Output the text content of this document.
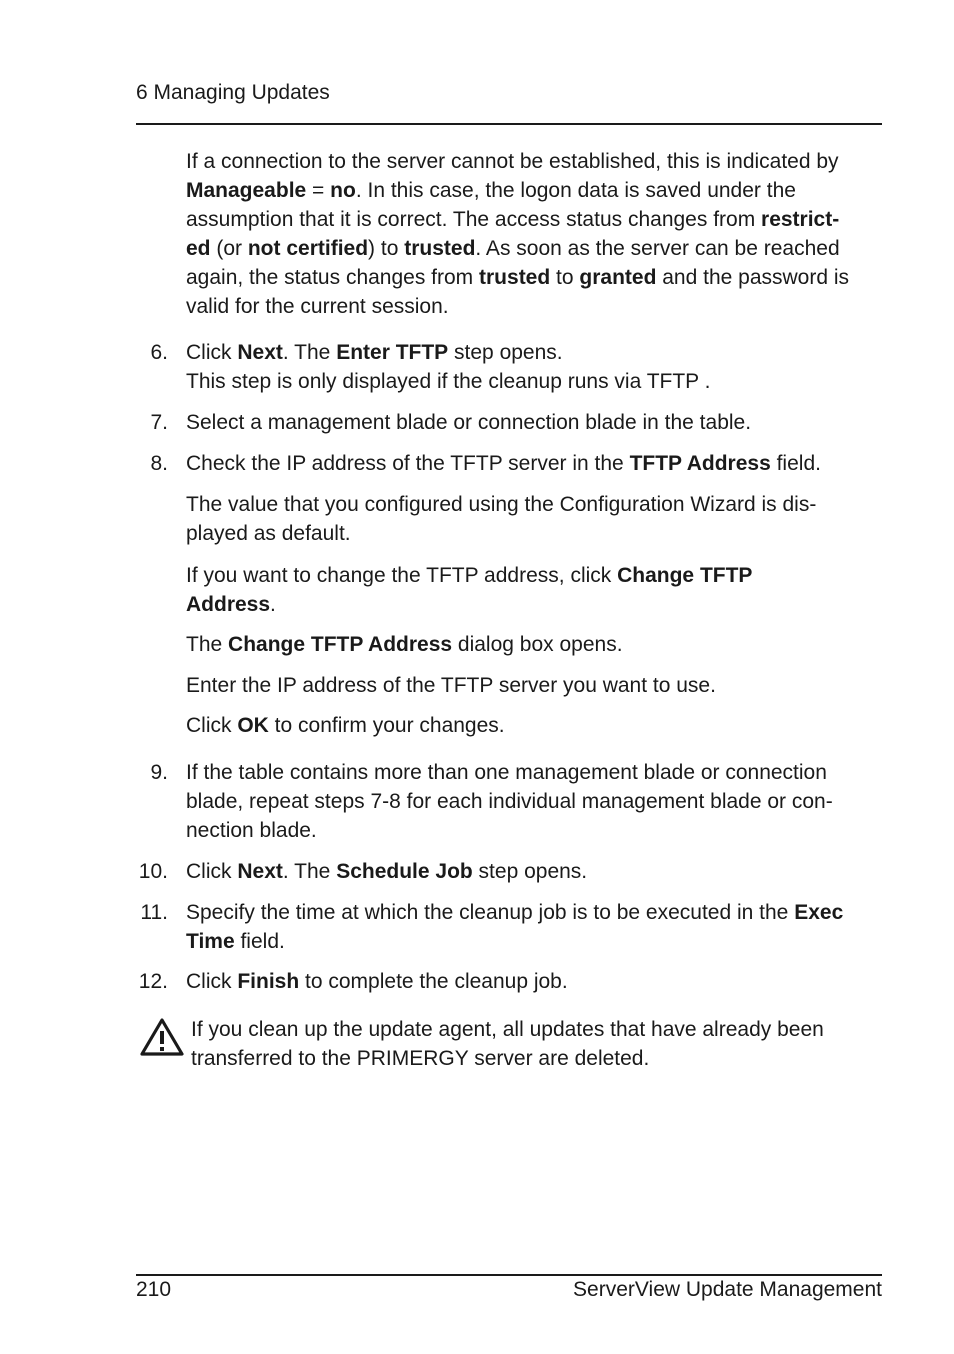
6 Managing Updates
If a connection to the server cannot be established, this is indicated by
Manageable = no. In this case, the logon data is saved under the
assumption that it is correct. The access status changes from restrict-
ed (or not certified) to trusted. As soon as the server can be reached
again, the status changes from trusted to granted and the password is
valid for the current session.
Click Next. The Enter TFTP step opens.
This step is only displayed if the cleanup runs via TFTP .
Select a management blade or connection blade in the table.
Check the IP address of the TFTP server in the TFTP Address field.
The value that you configured using the Configuration Wizard is dis-
played as default.
If you want to change the TFTP address, click Change TFTP
Address.
The Change TFTP Address dialog box opens.
Enter the IP address of the TFTP server you want to use.
Click OK to confirm your changes.
If the table contains more than one management blade or connection
blade, repeat steps 7-8 for each individual management blade or con-
nection blade.
Click Next. The Schedule Job step opens.
Specify the time at which the cleanup job is to be executed in the Exec
Time field.
Click Finish to complete the cleanup job.
6.
7.
8.
9.
10.
11.
12.
If you clean up the update agent, all updates that have already been
transferred to the PRIMERGY server are deleted.
210	ServerView Update Management
